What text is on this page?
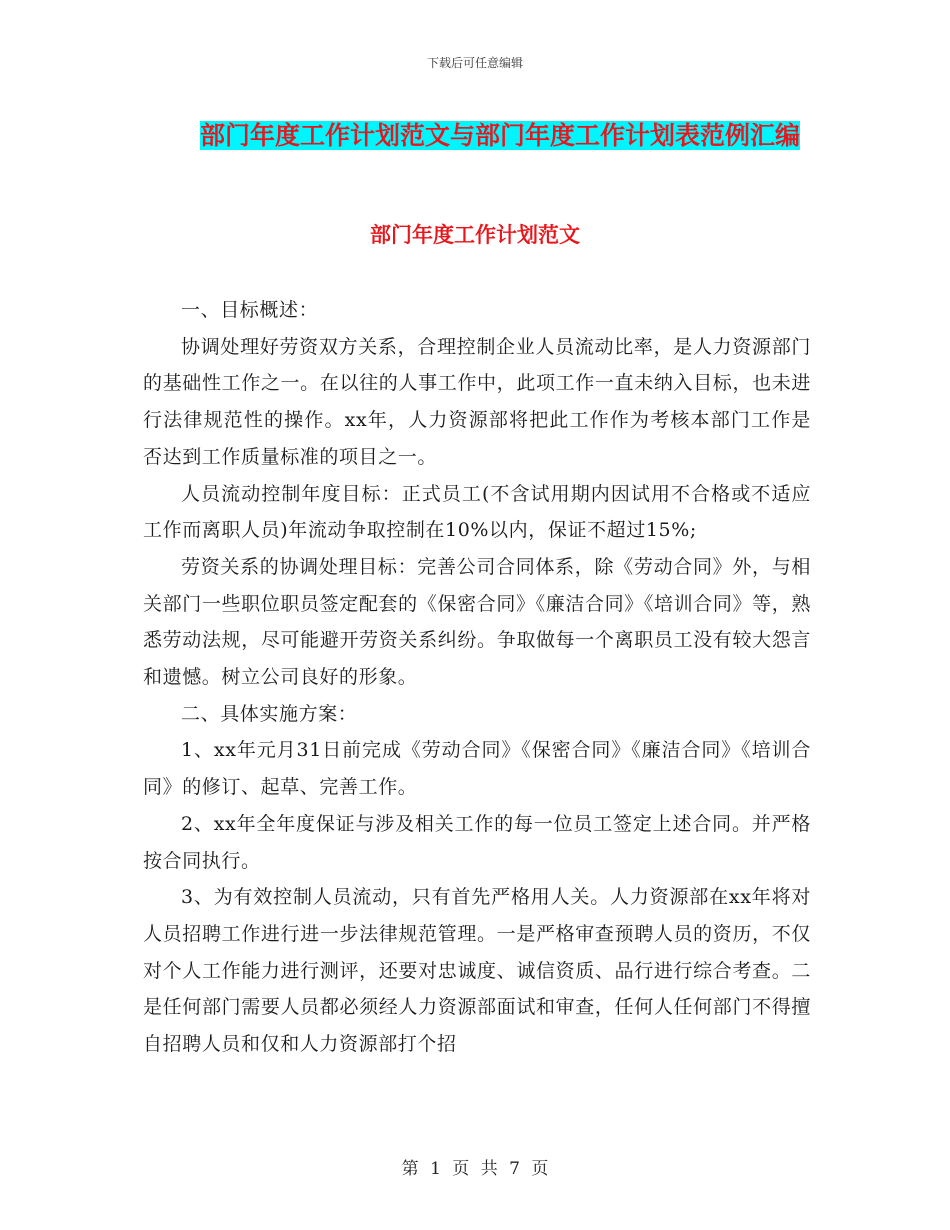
下载后可任意编辑
部门年度工作计划范文与部门年度工作计划表范例汇编
部门年度工作计划范文

一、目标概述：

协调处理好劳资双方关系，合理控制企业人员流动比率，是人力资源部门的基础性工作之一。在以往的人事工作中，此项工作一直未纳入目标，也未进行法律规范性的操作。xx年，人力资源部将把此工作作为考核本部门工作是否达到工作质量标准的项目之一。

人员流动控制年度目标：正式员工(不含试用期内因试用不合格或不适应工作而离职人员)年流动争取控制在10%以内，保证不超过15%;

劳资关系的协调处理目标：完善公司合同体系，除《劳动合同》外，与相关部门一些职位职员签定配套的《保密合同》《廉洁合同》《培训合同》等，熟悉劳动法规，尽可能避开劳资关系纠纷。争取做每一个离职员工没有较大怨言和遗憾。树立公司良好的形象。

二、具体实施方案：

1、xx年元月31日前完成《劳动合同》《保密合同》《廉洁合同》《培训合同》的修订、起草、完善工作。

2、xx年全年度保证与涉及相关工作的每一位员工签定上述合同。并严格按合同执行。

3、为有效控制人员流动，只有首先严格用人关。人力资源部在xx年将对人员招聘工作进行进一步法律规范管理。一是严格审查预聘人员的资历，不仅对个人工作能力进行测评，还要对忠诚度、诚信资质、品行进行综合考查。二是任何部门需要人员都必须经人力资源部面试和审查，任何人任何部门不得擅自招聘人员和仅和人力资源部打个招

第 1 页 共 7 页
